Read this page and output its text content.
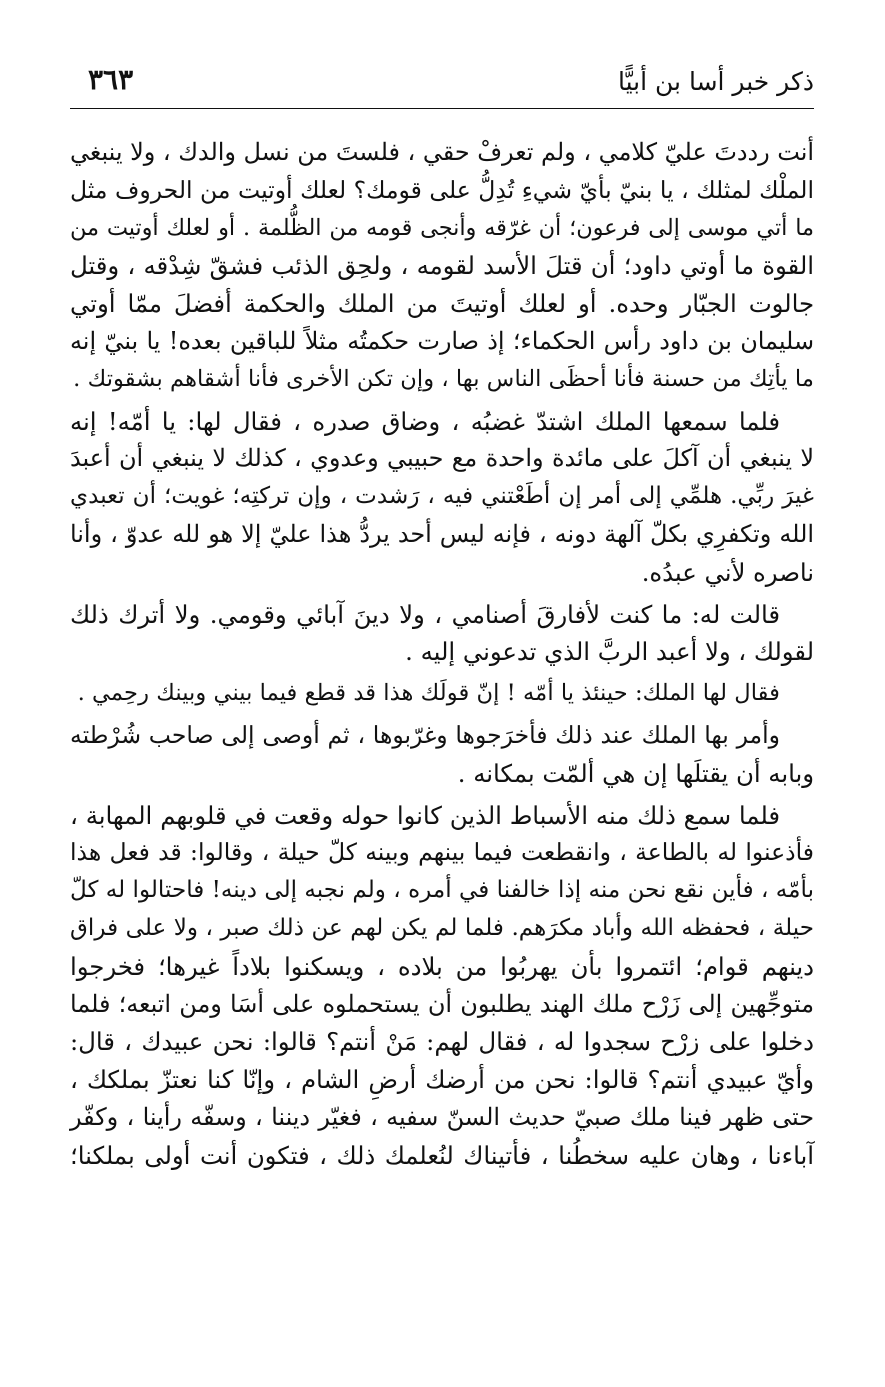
ذكر خبر أسا بن أبيًّا
٣٦٣
أنت رددتَ عليّ كلامي ، ولم تعرفْ حقي ، فلستَ من نسل والدك ، ولا ينبغي
الملْك لمثلك ، يا بنيّ بأيّ شيءِ تُدِلُّ على قومك؟ لعلك أوتيت من الحروف مثل
ما أتي موسى إلى فرعون؛ أن غرّقه وأنجى قومه من الظُّلمة . أو لعلك أوتيت من
القوة ما أوتي داود؛ أن قتلَ الأسد لقومه ، ولحِق الذئب فشقّ شِدْقه ، وقتل
جالوت الجبّار وحده. أو لعلك أوتيتَ من الملك والحكمة أفضلَ ممّا أوتي
سليمان بن داود رأس الحكماء؛ إذ صارت حكمتُه مثلاً للباقين بعده! يا بنيّ إنه
ما يأتِك من حسنة فأنا أحظَى الناس بها ، وإن تكن الأخرى فأنا أشقاهم بشقوتك .
فلما سمعها الملك اشتدّ غضبُه ، وضاق صدره ، فقال لها: يا أمّه! إنه
لا ينبغي أن آكلَ على مائدة واحدة مع حبيبي وعدوي ، كذلك لا ينبغي أن أعبدَ
غيرَ ربِّي. هلمِّي إلى أمر إن أطَعْتني فيه ، رَشدت ، وإن تركتِه؛ غويت؛ أن تعبدي
الله وتكفرِي بكلّ آلهة دونه ، فإنه ليس أحد يردُّ هذا عليّ إلا هو لله عدوّ ، وأنا
ناصره لأني عبدُه.
قالت له: ما كنت لأفارقَ أصنامي ، ولا دينَ آبائي وقومي. ولا أترك ذلك
لقولك ، ولا أعبد الربَّ الذي تدعوني إليه .
فقال لها الملك: حينئذ يا أمّه ! إنّ قولَك هذا قد قطع فيما بيني وبينك رحِمي .
وأمر بها الملك عند ذلك فأخرَجوها وغرّبوها ، ثم أوصى إلى صاحب شُرْطته
وبابه أن يقتلَها إن هي ألمّت بمكانه .
فلما سمع ذلك منه الأسباط الذين كانوا حوله وقعت في قلوبهم المهابة ،
فأذعنوا له بالطاعة ، وانقطعت فيما بينهم وبينه كلّ حيلة ، وقالوا: قد فعل هذا
بأمّه ، فأين نقع نحن منه إذا خالفنا في أمره ، ولم نجبه إلى دينه! فاحتالوا له كلّ
حيلة ، فحفظه الله وأباد مكرَهم. فلما لم يكن لهم عن ذلك صبر ، ولا على فراق
دينهم قوام؛ ائتمروا بأن يهربُوا من بلاده ، ويسكنوا بلاداً غيرها؛ فخرجوا
متوجِّهين إلى زَرْح ملك الهند يطلبون أن يستحملوه على أسَا ومن اتبعه؛ فلما
دخلوا على زرْح سجدوا له ، فقال لهم: مَنْ أنتم؟ قالوا: نحن عبيدك ، قال:
وأيّ عبيدي أنتم؟ قالوا: نحن من أرضك أرضِ الشام ، وإنّا كنا نعتزّ بملكك ،
حتى ظهر فينا ملك صبيّ حديث السنّ سفيه ، فغيّر ديننا ، وسفّه رأينا ، وكفّر
آباءنا ، وهان عليه سخطُنا ، فأتيناك لنُعلمك ذلك ، فتكون أنت أولى بملكنا؛
